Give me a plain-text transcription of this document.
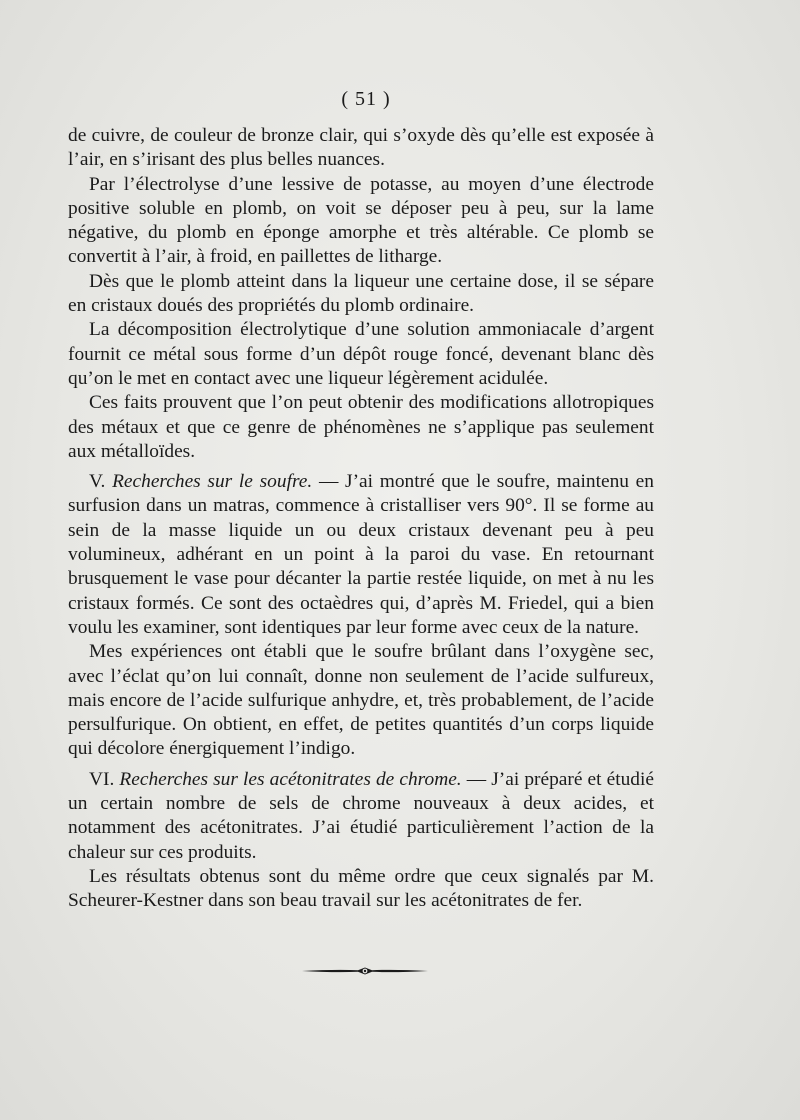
( 51 )

de cuivre, de couleur de bronze clair, qui s’oxyde dès qu’elle est exposée à l’air, en s’irisant des plus belles nuances.

Par l’électrolyse d’une lessive de potasse, au moyen d’une électrode positive soluble en plomb, on voit se déposer peu à peu, sur la lame négative, du plomb en éponge amorphe et très altérable. Ce plomb se convertit à l’air, à froid, en paillettes de litharge.

Dès que le plomb atteint dans la liqueur une certaine dose, il se sépare en cristaux doués des propriétés du plomb ordinaire.

La décomposition électrolytique d’une solution ammoniacale d’argent fournit ce métal sous forme d’un dépôt rouge foncé, devenant blanc dès qu’on le met en contact avec une liqueur légèrement acidulée.

Ces faits prouvent que l’on peut obtenir des modifications allotropiques des métaux et que ce genre de phénomènes ne s’applique pas seulement aux métalloïdes.

V. Recherches sur le soufre. — J’ai montré que le soufre, maintenu en surfusion dans un matras, commence à cristalliser vers 90°. Il se forme au sein de la masse liquide un ou deux cristaux devenant peu à peu volumineux, adhérant en un point à la paroi du vase. En retournant brusquement le vase pour décanter la partie restée liquide, on met à nu les cristaux formés. Ce sont des octaèdres qui, d’après M. Friedel, qui a bien voulu les examiner, sont identiques par leur forme avec ceux de la nature.

Mes expériences ont établi que le soufre brûlant dans l’oxygène sec, avec l’éclat qu’on lui connaît, donne non seulement de l’acide sulfureux, mais encore de l’acide sulfurique anhydre, et, très probablement, de l’acide persulfurique. On obtient, en effet, de petites quantités d’un corps liquide qui décolore énergiquement l’indigo.

VI. Recherches sur les acétonitrates de chrome. — J’ai préparé et étudié un certain nombre de sels de chrome nouveaux à deux acides, et notamment des acétonitrates. J’ai étudié particulièrement l’action de la chaleur sur ces produits.

Les résultats obtenus sont du même ordre que ceux signalés par M. Scheurer-Kestner dans son beau travail sur les acétonitrates de fer.
